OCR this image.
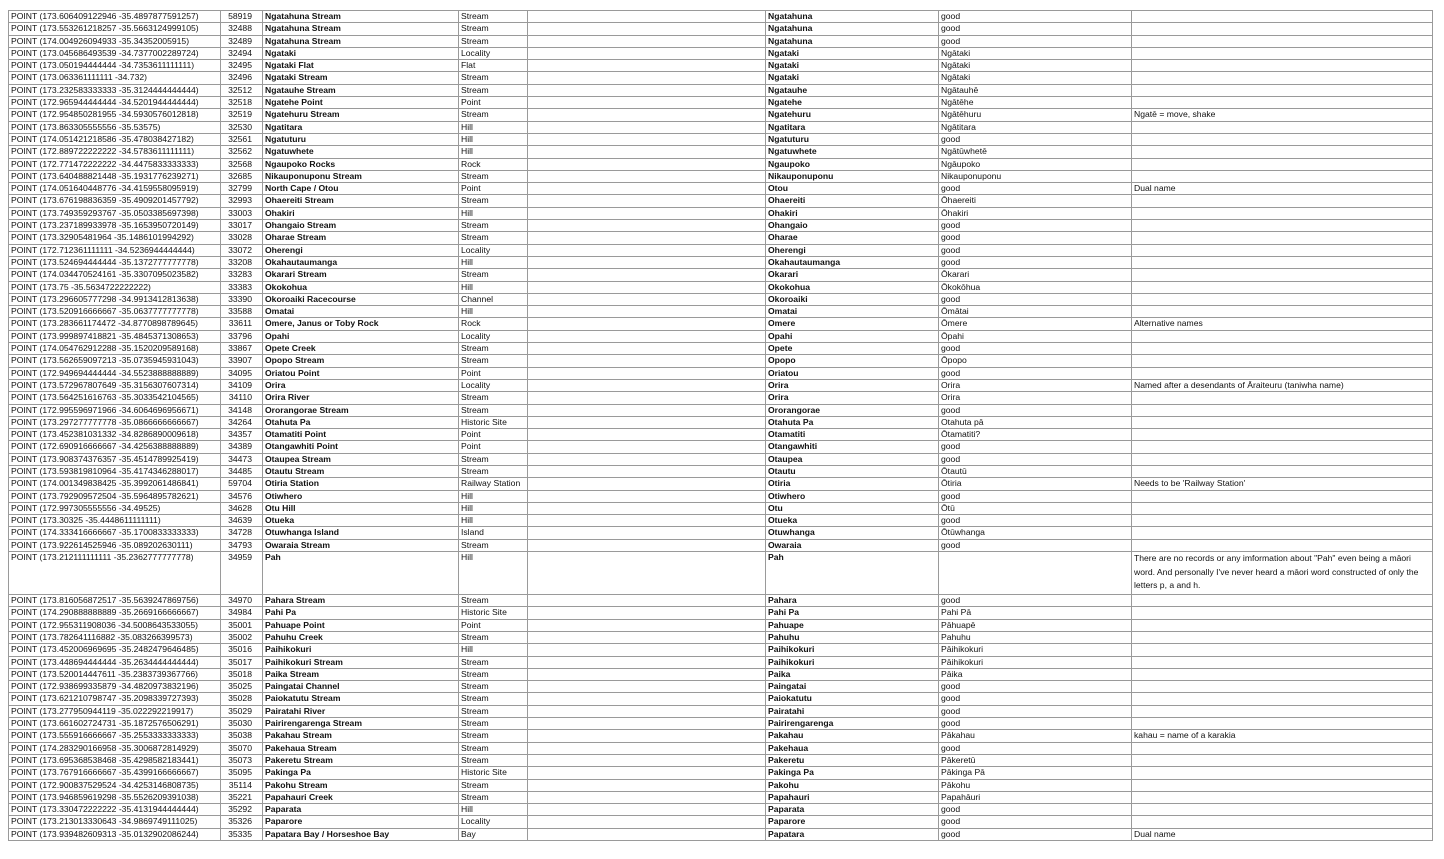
POINT (173.606409122946 -35.4897877591257)	58919	Ngatahuna Stream	Stream		Ngatahuna	good	
POINT (173.553261218257 -35.5663124999105)	32488	Ngatahuna Stream	Stream		Ngatahuna	good	
POINT (174.004926094933 -35.34352005915)	32489	Ngatahuna Stream	Stream		Ngatahuna	good	
POINT (173.045686493539 -34.7377002289724)	32494	Ngataki	Locality		Ngataki	Ngātaki	
POINT (173.050194444444 -34.7353611111111)	32495	Ngataki Flat	Flat		Ngataki	Ngātaki	
POINT (173.063361111111 -34.732)	32496	Ngataki Stream	Stream		Ngataki	Ngātaki	
POINT (173.232583333333 -35.3124444444444)	32512	Ngatauhe Stream	Stream		Ngatauhe	Ngātauhē	
POINT (172.965944444444 -34.5201944444444)	32518	Ngatehe Point	Point		Ngatehe	Ngātēhe	
POINT (172.954850281955 -34.5930576012818)	32519	Ngatehuru Stream	Stream		Ngatehuru	Ngātēhuru	Ngatē = move, shake
POINT (173.863305555556 -35.53575)	32530	Ngatitara	Hill		Ngatitara	Ngātitara	
POINT (174.051421218586 -35.478038427182)	32561	Ngatuturu	Hill		Ngatuturu	good	
POINT (172.889722222222 -34.5783611111111)	32562	Ngatuwhete	Hill		Ngatuwhete	Ngātūwhetē	
POINT (172.771472222222 -34.4475833333333)	32568	Ngaupoko Rocks	Rock		Ngaupoko	Ngāupoko	
POINT (173.640488821448 -35.1931776239271)	32685	Nikauponuponu Stream	Stream		Nikauponuponu	Nikauponuponu	
POINT (174.051640448776 -34.4159558095919)	32799	North Cape / Otou	Point		Otou	good	Dual name
POINT (173.676198836359 -35.4909201457792)	32993	Ohaereiti Stream	Stream		Ohaereiti	Ōhaereiti	
POINT (173.749359293767 -35.0503385697398)	33003	Ohakiri	Hill		Ohakiri	Ōhakiri	
POINT (173.237189933978 -35.1653950720149)	33017	Ohangaio Stream	Stream		Ohangaio	good	
POINT (173.32905481964 -35.1486101994292)	33028	Oharae Stream	Stream		Oharae	good	
POINT (172.712361111111 -34.5236944444444)	33072	Oherengi	Locality		Oherengi	good	
POINT (173.524694444444 -35.1372777777778)	33208	Okahautaumanga	Hill		Okahautaumanga	good	
POINT (174.034470524161 -35.3307095023582)	33283	Okarari Stream	Stream		Okarari	Ōkarari	
POINT (173.75 -35.5634722222222)	33383	Okokohua	Hill		Okokohua	Ōkokōhua	
POINT (173.296605777298 -34.9913412813638)	33390	Okoroaiki Racecourse	Channel		Okoroaiki	good	
POINT (173.520916666667 -35.0637777777778)	33588	Omatai	Hill		Omatai	Ōmātai	
POINT (173.283661174472 -34.8770898789645)	33611	Omere, Janus or Toby Rock	Rock		Omere	Ōmere	Alternative names
POINT (173.999897418821 -35.4845371308653)	33796	Opahi	Locality		Opahi	Ōpahi	
POINT (174.054762912288 -35.1520209589168)	33867	Opete Creek	Stream		Opete	good	
POINT (173.562659097213 -35.0735945931043)	33907	Opopo Stream	Stream		Opopo	Ōpopo	
POINT (172.949694444444 -34.5523888888889)	34095	Oriatou Point	Point		Oriatou	good	
POINT (173.572967807649 -35.3156307607314)	34109	Orira	Locality		Orira	Orira	Named after a desendants of Āraiteuru (taniwha name)
POINT (173.564251616763 -35.3033542104565)	34110	Orira River	Stream		Orira	Orira	
POINT (172.995596971966 -34.6064696956671)	34148	Ororangorae Stream	Stream		Ororangorae	good	
POINT (173.297277777778 -35.0866666666667)	34264	Otahuta Pa	Historic Site		Otahuta Pa	Otahuta pā	
POINT (173.452381031332 -34.8286890009618)	34357	Otamatiti Point	Point		Otamatiti	Ōtamatiti?	
POINT (172.690916666667 -34.4256388888889)	34389	Otangawhiti Point	Point		Otangawhiti	good	
POINT (173.908374376357 -35.4514789925419)	34473	Otaupea Stream	Stream		Otaupea	good	
POINT (173.593819810964 -35.4174346288017)	34485	Otautu Stream	Stream		Otautu	Ōtautū	
POINT (174.001349838425 -35.3992061486841)	59704	Otiria Station	Railway Station		Otiria	Ōtiria	Needs to be 'Railway Station'
POINT (173.792909572504 -35.5964895782621)	34576	Otiwhero	Hill		Otiwhero	good	
POINT (172.997305555556 -34.49525)	34628	Otu Hill	Hill		Otu	Ōtū	
POINT (173.30325 -35.4448611111111)	34639	Otueka	Hill		Otueka	good	
POINT (174.333416666667 -35.1700833333333)	34728	Otuwhanga Island	Island		Otuwhanga	Ōtūwhanga	
POINT (173.922614525946 -35.089202630111)	34793	Owaraia Stream	Stream		Owaraia	good	
POINT (173.212111111111 -35.2362777777778)	34959	Pah	Hill		Pah		There are no records or any imformation about "Pah" even being a māori word. And personally I've never heard a māori word constructed of only the letters p, a and h.
POINT (173.816056872517 -35.5639247869756)	34970	Pahara Stream	Stream		Pahara	good	
POINT (174.290888888889 -35.2669166666667)	34984	Pahi Pa	Historic Site		Pahi Pa	Pahi Pā	
POINT (172.955311908036 -34.5008643533055)	35001	Pahuape Point	Point		Pahuape	Pāhuapē	
POINT (173.782641116882 -35.083266399573)	35002	Pahuhu Creek	Stream		Pahuhu	Pahuhu	
POINT (173.452006969695 -35.2482479646485)	35016	Paihikokuri	Hill		Paihikokuri	Pāihikokuri	
POINT (173.448694444444 -35.2634444444444)	35017	Paihikokuri Stream	Stream		Paihikokuri	Pāihikokuri	
POINT (173.520014447611 -35.2383739367766)	35018	Paika Stream	Stream		Paika	Pāika	
POINT (172.938699335879 -34.4820973832196)	35025	Paingatai Channel	Stream		Paingatai	good	
POINT (173.621210798747 -35.2098339727393)	35028	Paiokatutu Stream	Stream		Paiokatutu	good	
POINT (173.277950944119 -35.022292219917)	35029	Pairatahi River	Stream		Pairatahi	good	
POINT (173.661602724731 -35.1872576506291)	35030	Pairirengarenga Stream	Stream		Pairirengarenga	good	
POINT (173.555916666667 -35.2553333333333)	35038	Pakahau Stream	Stream		Pakahau	Pākahau	kahau = name of a karakia
POINT (174.283290166958 -35.3006872814929)	35070	Pakehaua Stream	Stream		Pakehaua	good	
POINT (173.695368538468 -35.4298582183441)	35073	Pakeretu Stream	Stream		Pakeretu	Pākeretū	
POINT (173.767916666667 -35.4399166666667)	35095	Pakinga Pa	Historic Site		Pakinga Pa	Pākinga Pā	
POINT (172.900837529524 -34.4253146808735)	35114	Pakohu Stream	Stream		Pakohu	Pākohu	
POINT (173.946859619298 -35.5526209391038)	35221	Papahauri Creek	Stream		Papahauri	Papahāuri	
POINT (173.330472222222 -35.4131944444444)	35292	Paparata	Hill		Paparata	good	
POINT (173.213013330643 -34.9869749111025)	35326	Paparore	Locality		Paparore	good	
POINT (173.939482609313 -35.0132902086244)	35335	Papatara Bay / Horseshoe Bay	Bay		Papatara	good	Dual name
